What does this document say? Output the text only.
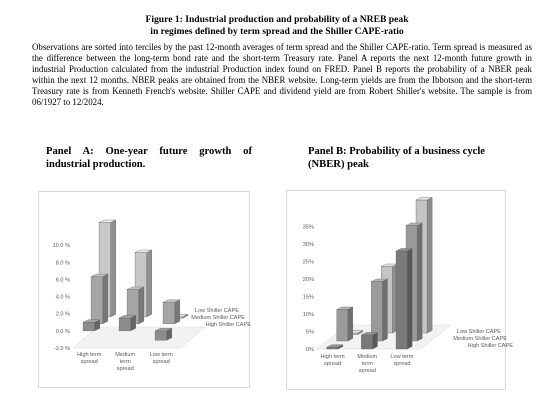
Figure 1: Industrial production and probability of a NREB peak
in regimes defined by term spread and the Shiller CAPE-ratio
Observations are sorted into terciles by the past 12-month averages of term spread and the Shiller CAPE-ratio. Term spread is measured as the difference between the long-term bond rate and the short-term Treasury rate. Panel A reports the next 12-month future growth in industrial Production calculated from the industrial Production index found on FRED. Panel B reports the probability of a NBER peak within the next 12 months. NBER peaks are obtained from the NBER website. Long-term yields are from the Ibbotson and the short-term Treasury rate is from Kenneth French's website. Shiller CAPE and dividend yield are from Robert Shiller's website. The sample is from 06/1927 to 12/2024.
Panel A: One-year future growth of industrial production.
Panel B: Probability of a business cycle (NBER) peak
-2.0 %
0.0 %
2.0 %
4.0 %
6.0 %
8.0 %
10.0 %
High term spread
Medium term spread
Low term spread
High Shiller CAPE
Medium Shiller CAPE
Low Shiller CAPE
0%
5%
10%
15%
20%
25%
30%
35%
High term spread
Medium term spread
Low term spread
High Shiller CAPE
Medium Shiller CAPE
Low Shiller CAPE
